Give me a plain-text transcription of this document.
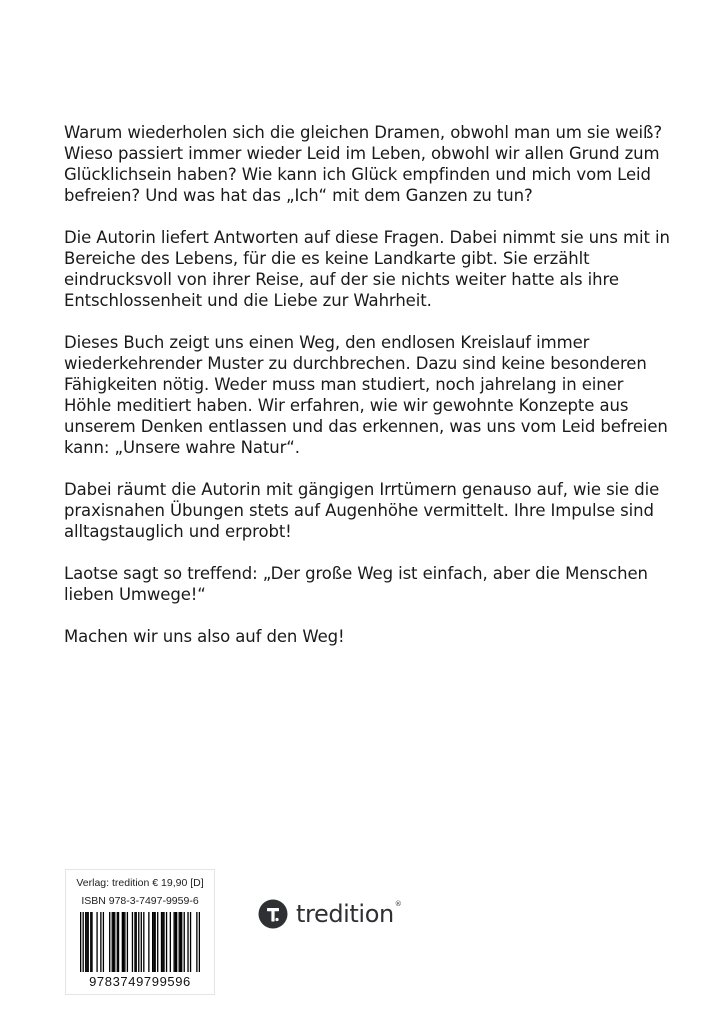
Warum wiederholen sich die gleichen Dramen, obwohl man um sie weiß?
Wieso passiert immer wieder Leid im Leben, obwohl wir allen Grund zum
Glücklichsein haben? Wie kann ich Glück empfinden und mich vom Leid
befreien? Und was hat das „Ich“ mit dem Ganzen zu tun?

Die Autorin liefert Antworten auf diese Fragen. Dabei nimmt sie uns mit in
Bereiche des Lebens, für die es keine Landkarte gibt. Sie erzählt
eindrucksvoll von ihrer Reise, auf der sie nichts weiter hatte als ihre
Entschlossenheit und die Liebe zur Wahrheit.

Dieses Buch zeigt uns einen Weg, den endlosen Kreislauf immer
wiederkehrender Muster zu durchbrechen. Dazu sind keine besonderen
Fähigkeiten nötig. Weder muss man studiert, noch jahrelang in einer
Höhle meditiert haben. Wir erfahren, wie wir gewohnte Konzepte aus
unserem Denken entlassen und das erkennen, was uns vom Leid befreien
kann: „Unsere wahre Natur“.

Dabei räumt die Autorin mit gängigen Irrtümern genauso auf, wie sie die
praxisnahen Übungen stets auf Augenhöhe vermittelt. Ihre Impulse sind
alltagstauglich und erprobt!

Laotse sagt so treffend: „Der große Weg ist einfach, aber die Menschen
lieben Umwege!“

Machen wir uns also auf den Weg!

Verlag: tredition € 19,90 [D]
ISBN 978-3-7497-9959-6
9783749799596
tredition®
